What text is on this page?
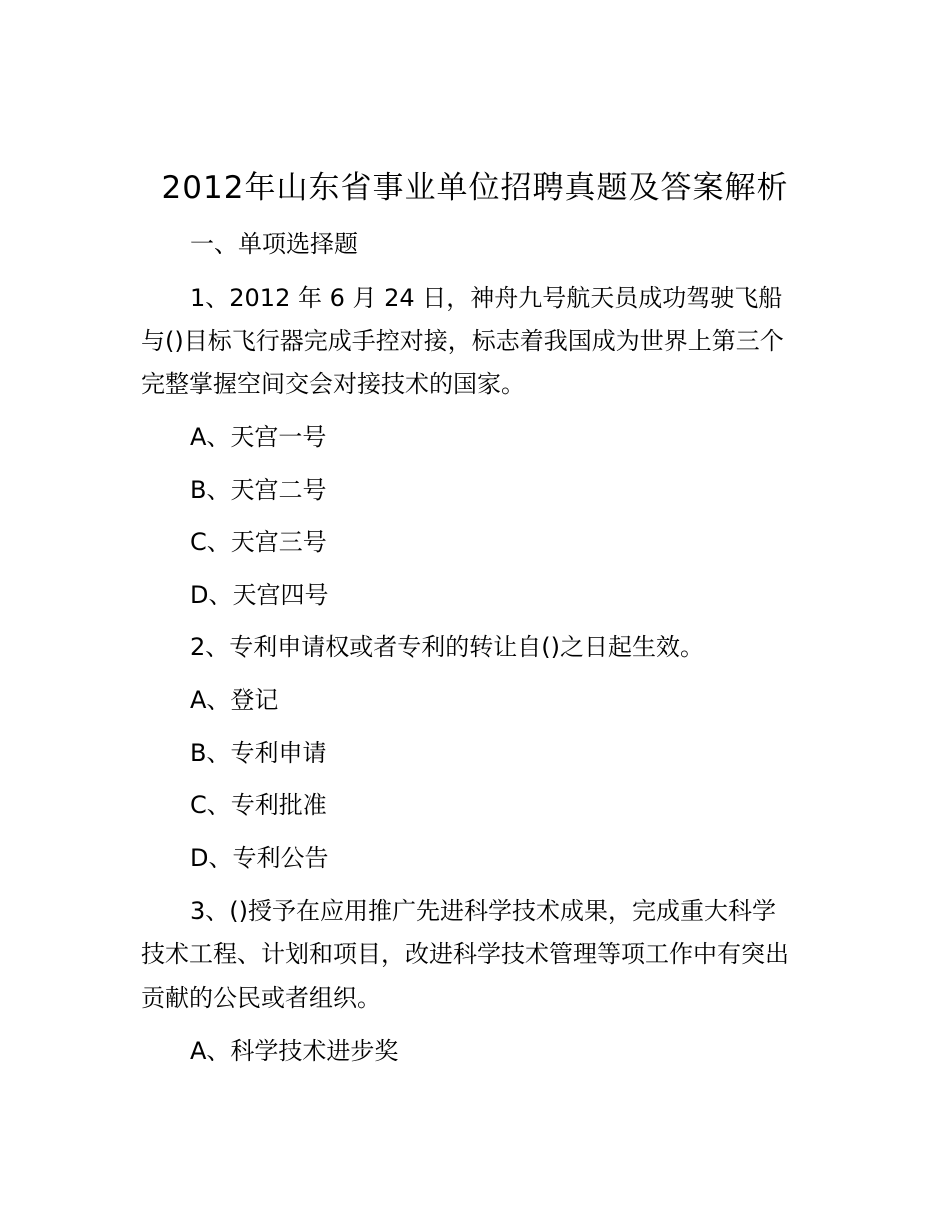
2012年山东省事业单位招聘真题及答案解析
一、单项选择题
1、2012 年 6 月 24 日，神舟九号航天员成功驾驶飞船
与()目标飞行器完成手控对接，标志着我国成为世界上第三个
完整掌握空间交会对接技术的国家。
A、天宫一号
B、天宫二号
C、天宫三号
D、天宫四号
2、专利申请权或者专利的转让自()之日起生效。
A、登记
B、专利申请
C、专利批准
D、专利公告
3、()授予在应用推广先进科学技术成果，完成重大科学
技术工程、计划和项目，改进科学技术管理等项工作中有突出
贡献的公民或者组织。
A、科学技术进步奖
